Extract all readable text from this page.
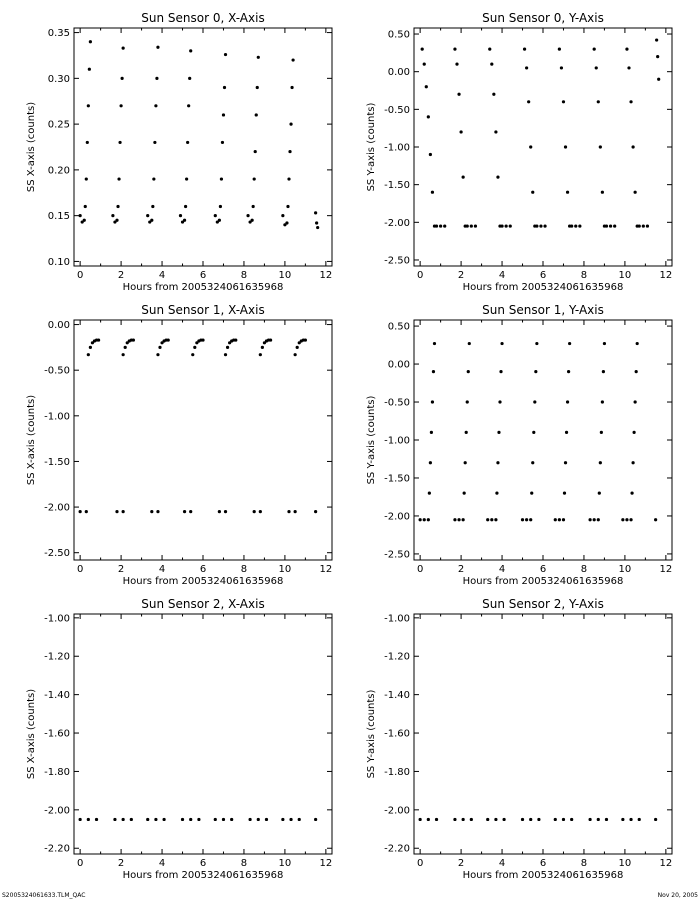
S2005324061633.TLM_QAC	Nov 20, 2005
Sun Sensor 0, X-Axis
0	2	4	6	8	10	12
0.10
0.15
0.20
0.25
0.30
0.35
Hours from 2005324061635968
SS X-axis (counts)
Sun Sensor 0, Y-Axis
0	2	4	6	8	10	12
-2.50
-2.00
-1.50
-1.00
-0.50
0.00
0.50
Hours from 2005324061635968
SS Y-axis (counts)
Sun Sensor 1, X-Axis
0	2	4	6	8	10	12
-2.50
-2.00
-1.50
-1.00
-0.50
0.00
Hours from 2005324061635968
SS X-axis (counts)
Sun Sensor 1, Y-Axis
0	2	4	6	8	10	12
-2.50
-2.00
-1.50
-1.00
-0.50
0.00
0.50
Hours from 2005324061635968
SS Y-axis (counts)
Sun Sensor 2, X-Axis
0	2	4	6	8	10	12
-2.20
-2.00
-1.80
-1.60
-1.40
-1.20
-1.00
Hours from 2005324061635968
SS X-axis (counts)
Sun Sensor 2, Y-Axis
0	2	4	6	8	10	12
-2.20
-2.00
-1.80
-1.60
-1.40
-1.20
-1.00
Hours from 2005324061635968
SS Y-axis (counts)
